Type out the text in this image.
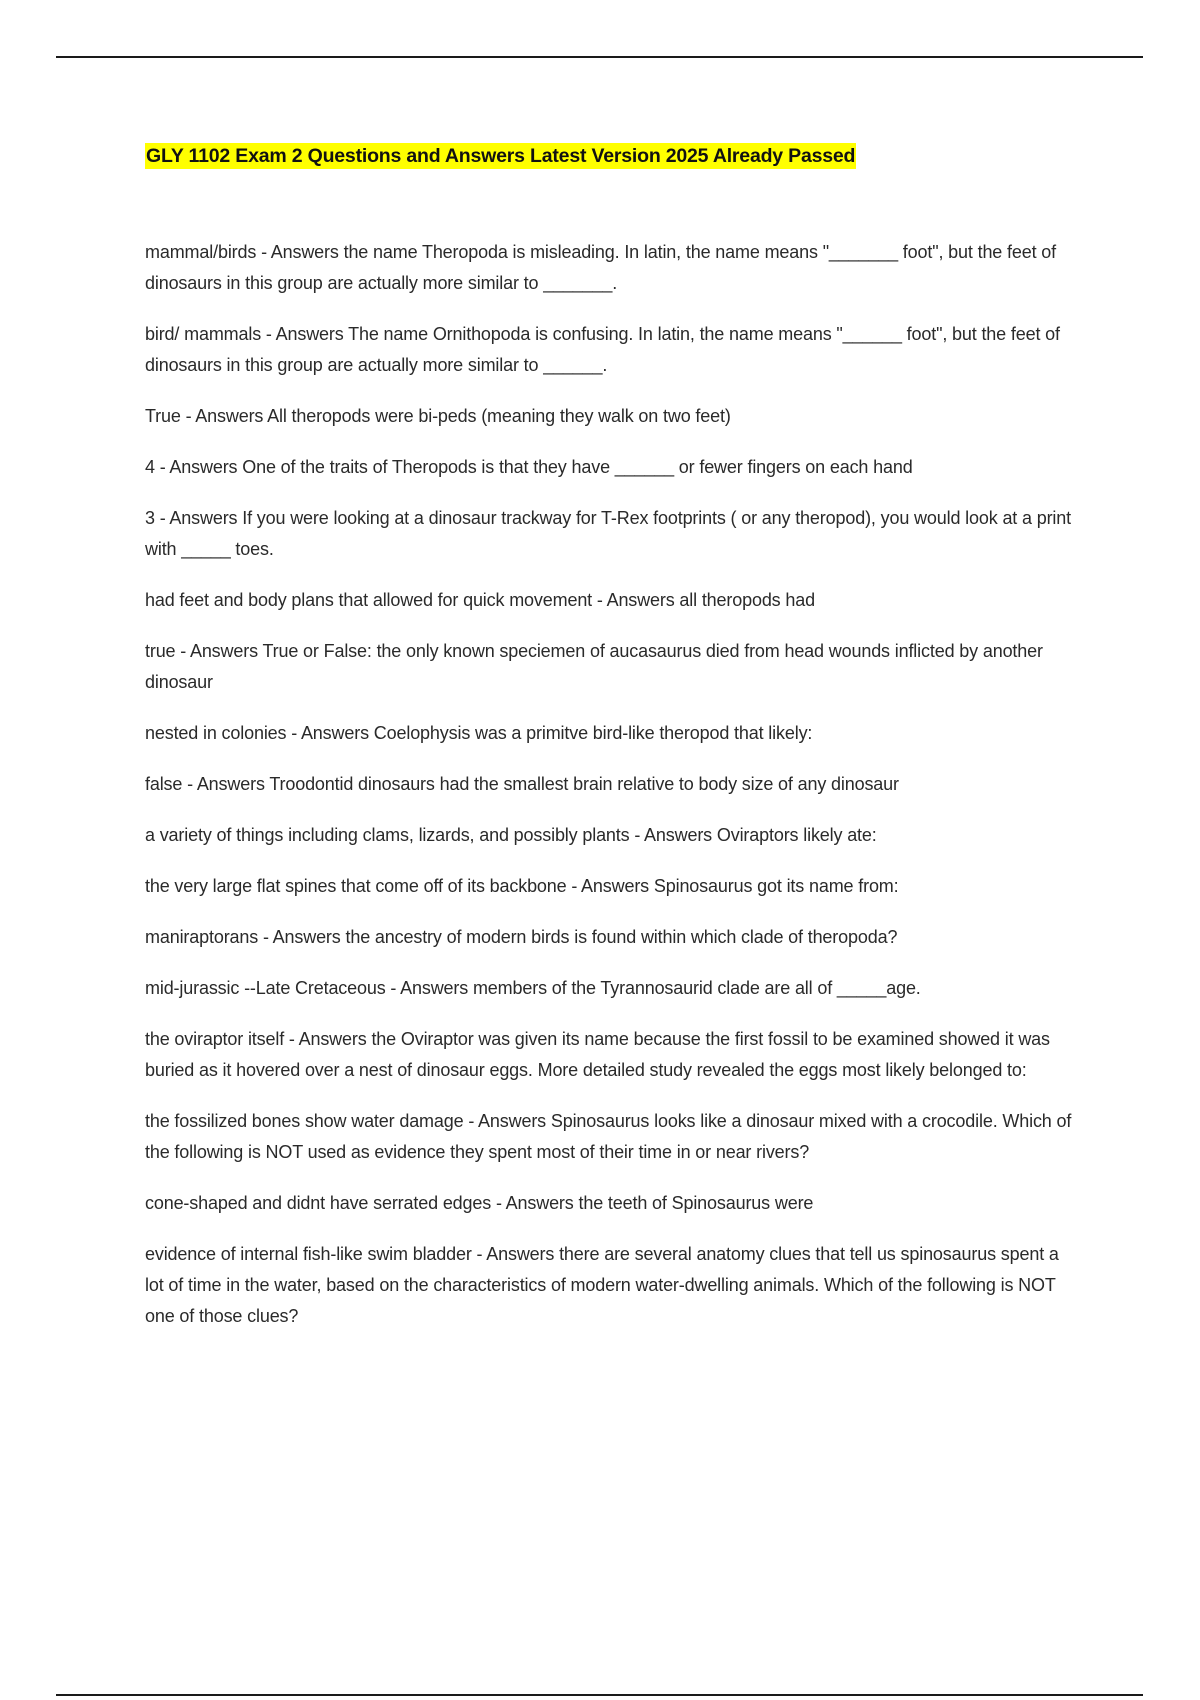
GLY 1102 Exam 2 Questions and Answers Latest Version 2025 Already Passed
mammal/birds - Answers the name Theropoda is misleading. In latin, the name means "_______ foot", but the feet of dinosaurs in this group are actually more similar to _______.
bird/ mammals - Answers The name Ornithopoda is confusing. In latin, the name means "______ foot", but the feet of dinosaurs in this group are actually more similar to ______.
True - Answers All theropods were bi-peds (meaning they walk on two feet)
4 - Answers One of the traits of Theropods is that they have ______ or fewer fingers on each hand
3 - Answers If you were looking at a dinosaur trackway for T-Rex footprints ( or any theropod), you would look at a print with _____ toes.
had feet and body plans that allowed for quick movement - Answers all theropods had
true - Answers True or False: the only known speciemen of aucasaurus died from head wounds inflicted by another dinosaur
nested in colonies - Answers Coelophysis was a primitve bird-like theropod that likely:
false - Answers Troodontid dinosaurs had the smallest brain relative to body size of any dinosaur
a variety of things including clams, lizards, and possibly plants - Answers Oviraptors likely ate:
the very large flat spines that come off of its backbone - Answers Spinosaurus got its name from:
maniraptorans - Answers the ancestry of modern birds is found within which clade of theropoda?
mid-jurassic --Late Cretaceous - Answers members of the Tyrannosaurid clade are all of _____age.
the oviraptor itself - Answers the Oviraptor was given its name because the first fossil to be examined showed it was buried as it hovered over a nest of dinosaur eggs. More detailed study revealed the eggs most likely belonged to:
the fossilized bones show water damage - Answers Spinosaurus looks like a dinosaur mixed with a crocodile. Which of the following is NOT used as evidence they spent most of their time in or near rivers?
cone-shaped and didnt have serrated edges - Answers the teeth of Spinosaurus were
evidence of internal fish-like swim bladder - Answers there are several anatomy clues that tell us spinosaurus spent a lot of time in the water, based on the characteristics of modern water-dwelling animals. Which of the following is NOT one of those clues?
